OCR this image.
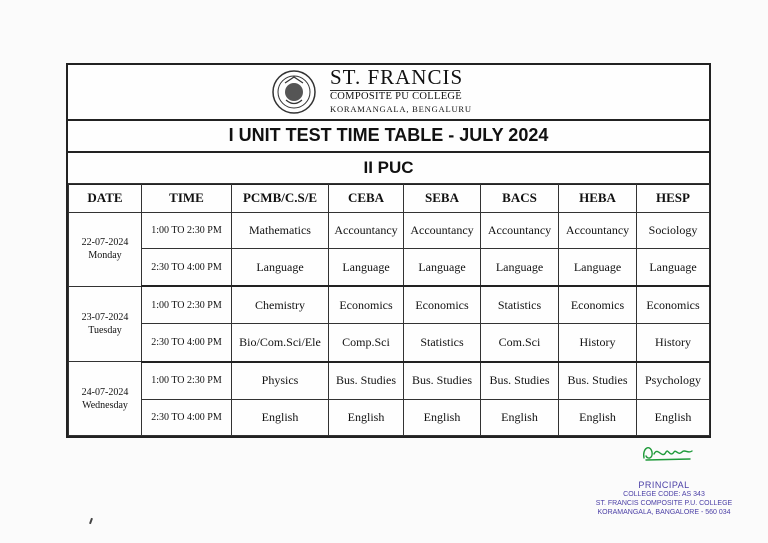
ST. FRANCIS
COMPOSITE PU COLLEGE
KORAMANGALA, BENGALURU
I UNIT TEST TIME TABLE - JULY 2024
II PUC
DATE	TIME	PCMB/C.S/E	CEBA	SEBA	BACS	HEBA	HESP

22-07-2024
Monday	1:00 TO 2:30 PM	Mathematics	Accountancy	Accountancy	Accountancy	Accountancy	Sociology
	2:30 TO 4:00 PM	Language	Language	Language	Language	Language	Language

23-07-2024
Tuesday	1:00 TO 2:30 PM	Chemistry	Economics	Economics	Statistics	Economics	Economics
	2:30 TO 4:00 PM	Bio/Com.Sci/Ele	Comp.Sci	Statistics	Com.Sci	History	History

24-07-2024
Wednesday	1:00 TO 2:30 PM	Physics	Bus. Studies	Bus. Studies	Bus. Studies	Bus. Studies	Psychology
	2:30 TO 4:00 PM	English	English	English	English	English	English
PRINCIPAL
COLLEGE CODE: AS 343
ST. FRANCIS COMPOSITE P.U. COLLEGE
KORAMANGALA, BANGALORE - 560 034
